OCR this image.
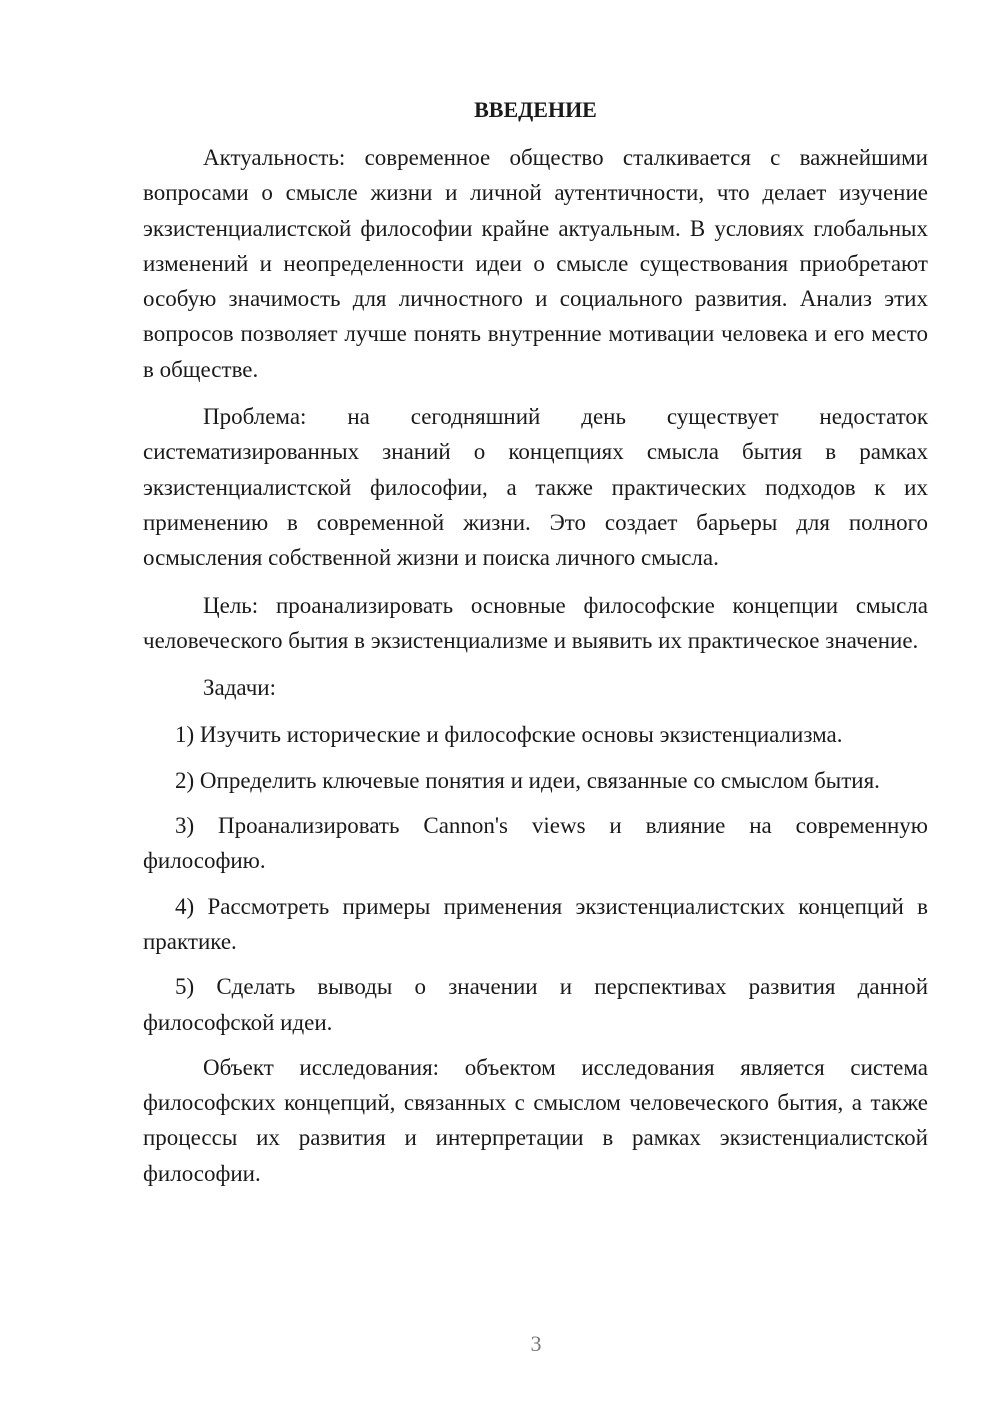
ВВЕДЕНИЕ

Актуальность: современное общество сталкивается с важнейшими вопросами о смысле жизни и личной аутентичности, что делает изучение экзистенциалистской философии крайне актуальным. В условиях глобальных изменений и неопределенности идеи о смысле существования приобретают особую значимость для личностного и социального развития. Анализ этих вопросов позволяет лучше понять внутренние мотивации человека и его место в обществе.

Проблема: на сегодняшний день существует недостаток систематизированных знаний о концепциях смысла бытия в рамках экзистенциалистской философии, а также практических подходов к их применению в современной жизни. Это создает барьеры для полного осмысления собственной жизни и поиска личного смысла.

Цель: проанализировать основные философские концепции смысла человеческого бытия в экзистенциализме и выявить их практическое значение.

Задачи:

1) Изучить исторические и философские основы экзистенциализма.

2) Определить ключевые понятия и идеи, связанные со смыслом бытия.

3) Проанализировать Cannon's views и влияние на современную философию.

4) Рассмотреть примеры применения экзистенциалистских концепций в практике.

5) Сделать выводы о значении и перспективах развития данной философской идеи.

Объект исследования: объектом исследования является система философских концепций, связанных с смыслом человеческого бытия, а также процессы их развития и интерпретации в рамках экзистенциалистской философии.

3
